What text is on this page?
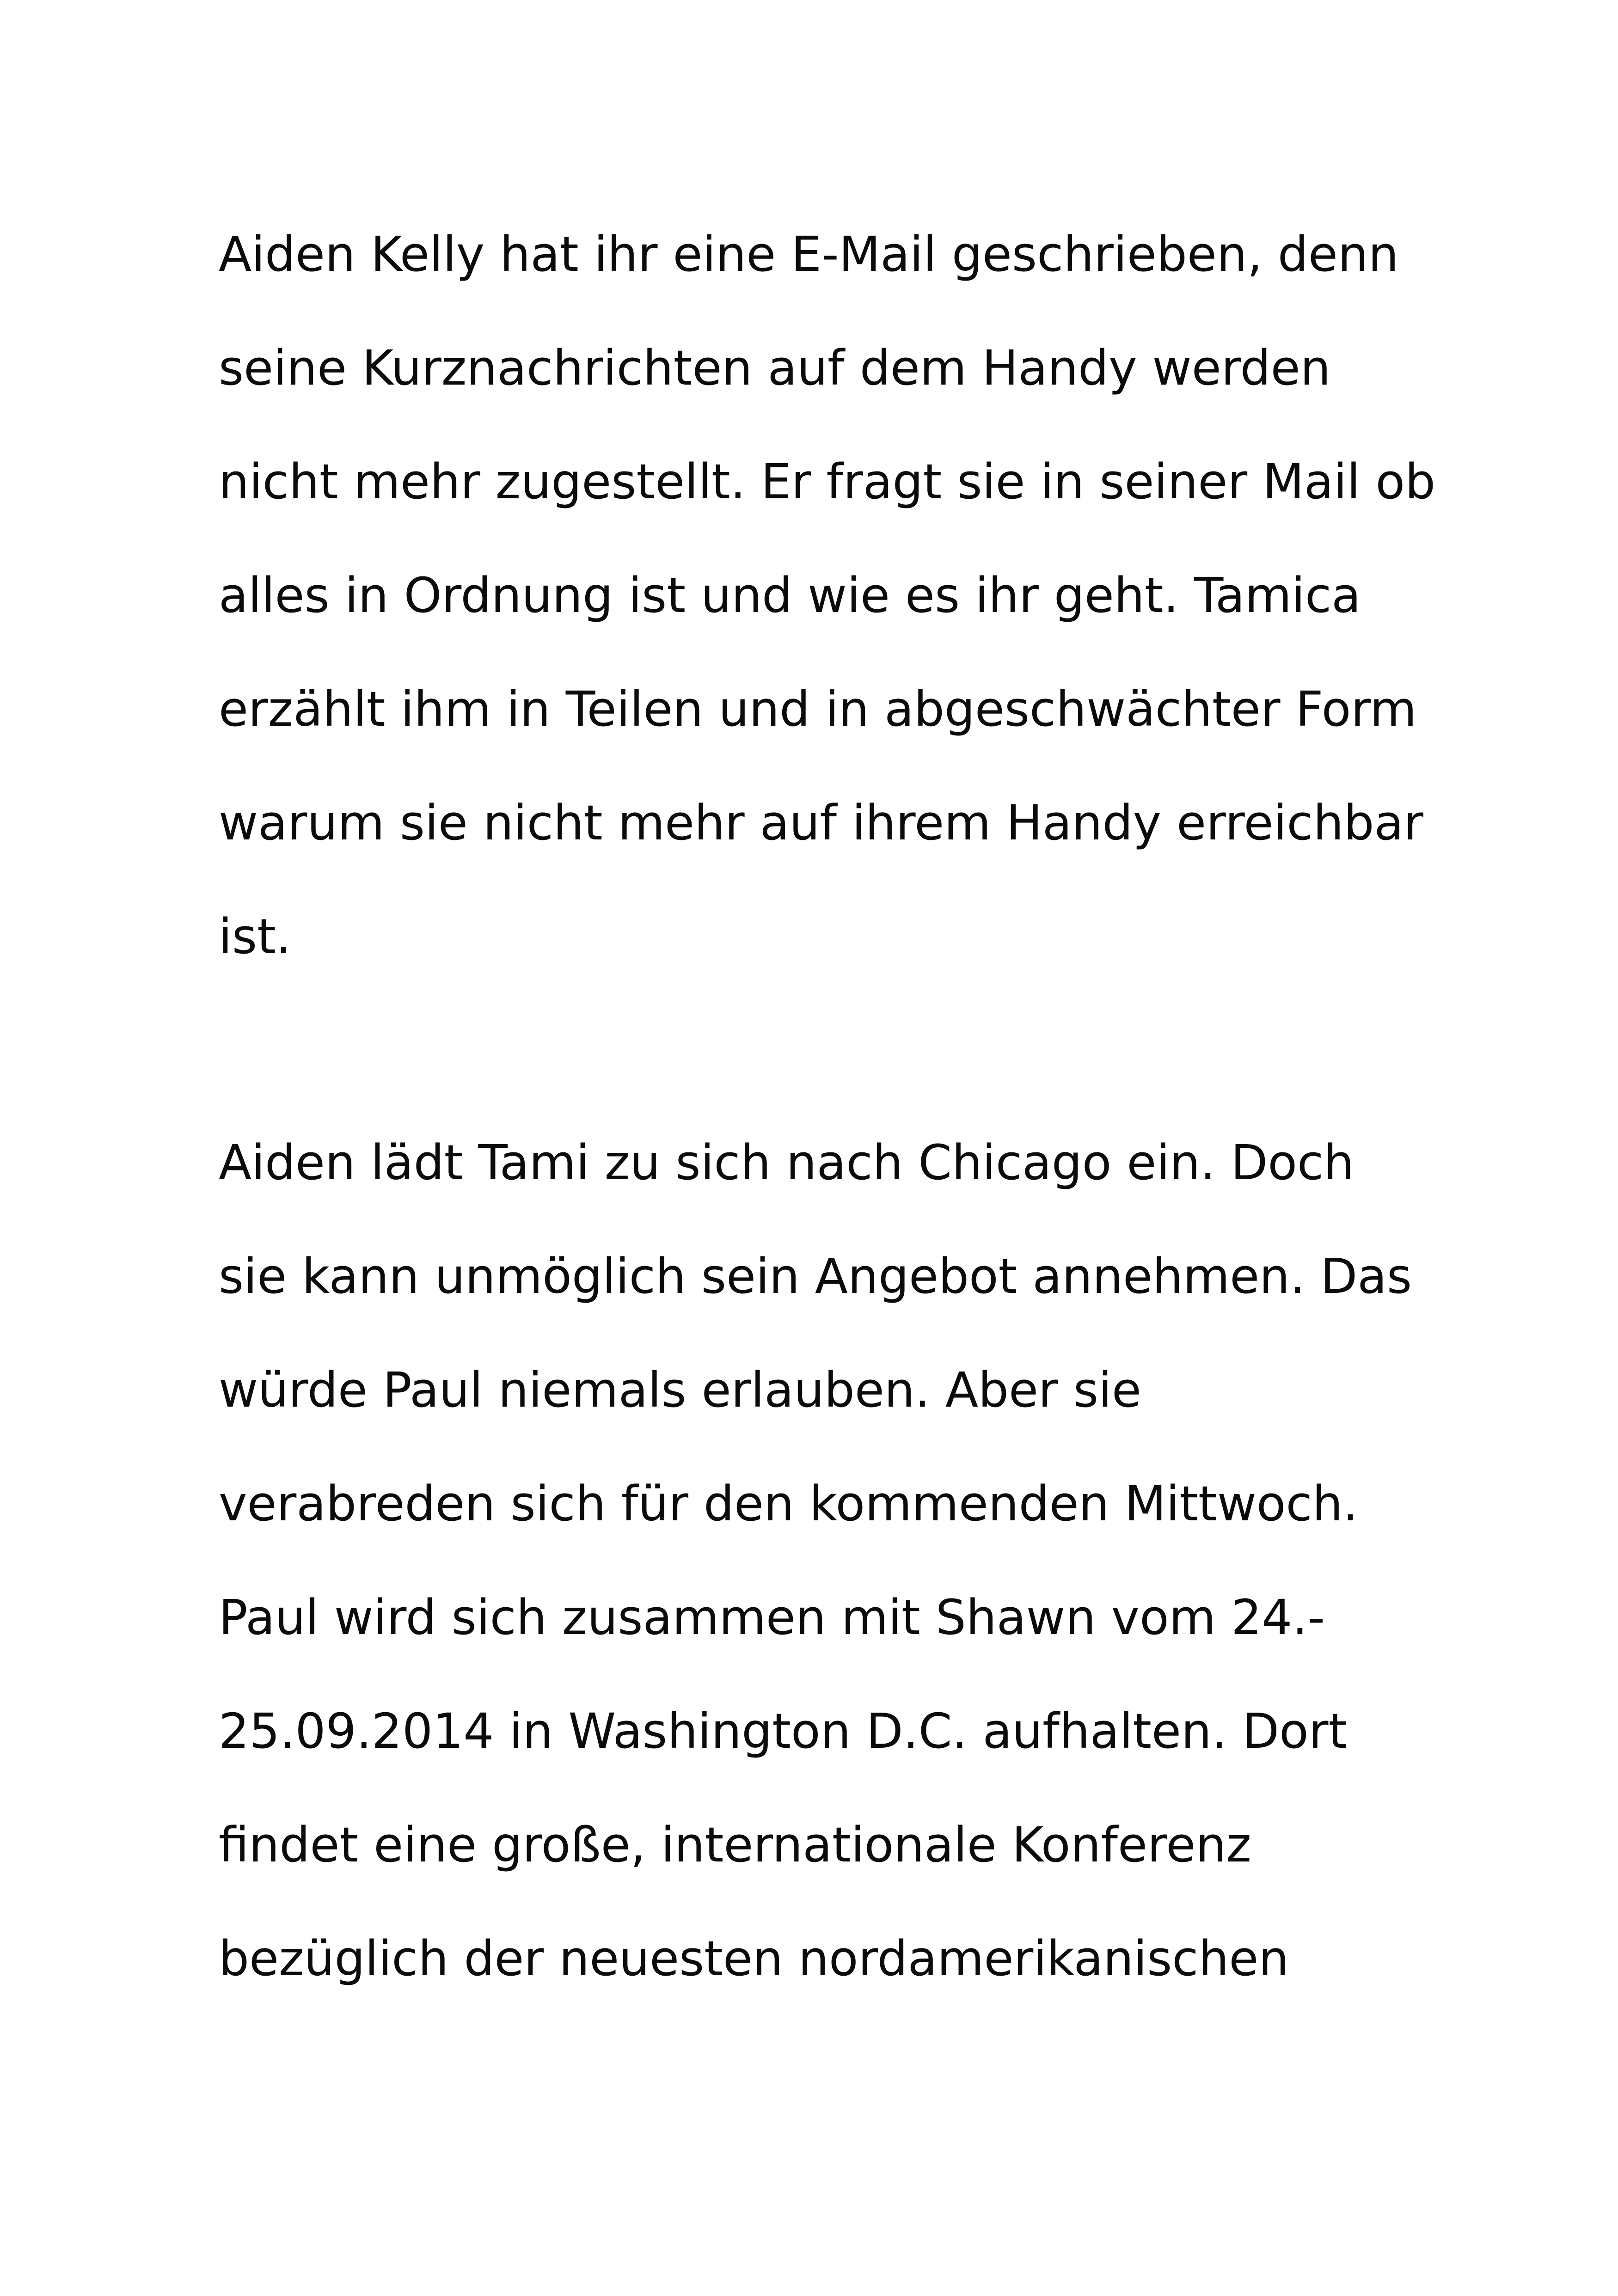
Aiden Kelly hat ihr eine E-Mail geschrieben, denn

seine Kurznachrichten auf dem Handy werden

nicht mehr zugestellt. Er fragt sie in seiner Mail ob

alles in Ordnung ist und wie es ihr geht. Tamica

erzählt ihm in Teilen und in abgeschwächter Form

warum sie nicht mehr auf ihrem Handy erreichbar

ist.

Aiden lädt Tami zu sich nach Chicago ein. Doch

sie kann unmöglich sein Angebot annehmen. Das

würde Paul niemals erlauben. Aber sie

verabreden sich für den kommenden Mittwoch.

Paul wird sich zusammen mit Shawn vom 24.-

25.09.2014 in Washington D.C. aufhalten. Dort

findet eine große, internationale Konferenz

bezüglich der neuesten nordamerikanischen
